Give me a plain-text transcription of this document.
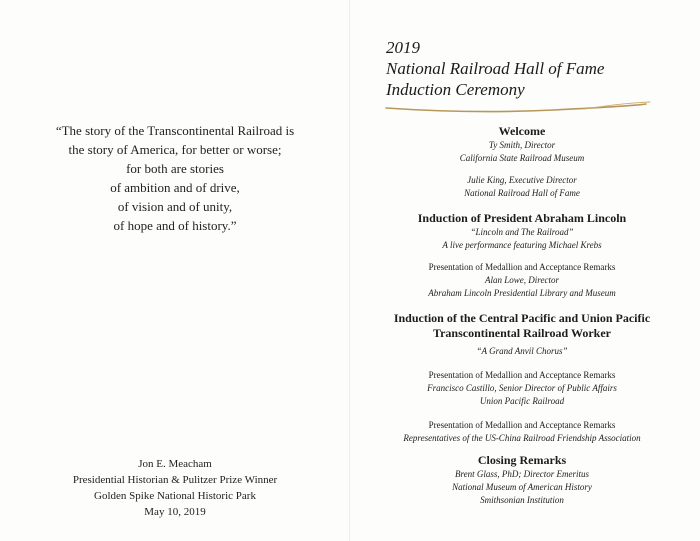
“The story of the Transcontinental Railroad is
the story of America, for better or worse;
for both are stories
of ambition and of drive,
of vision and of unity,
of hope and of history.”
Jon E. Meacham
Presidential Historian & Pulitzer Prize Winner
Golden Spike National Historic Park
May 10, 2019
2019
National Railroad Hall of Fame
Induction Ceremony
Welcome
Ty Smith, Director
California State Railroad Museum
Julie King, Executive Director
National Railroad Hall of Fame
Induction of President Abraham Lincoln
“Lincoln and The Railroad”
A live performance featuring Michael Krebs
Presentation of Medallion and Acceptance Remarks
Alan Lowe, Director
Abraham Lincoln Presidential Library and Museum
Induction of the Central Pacific and Union Pacific
Transcontinental Railroad Worker
“A Grand Anvil Chorus”
Presentation of Medallion and Acceptance Remarks
Francisco Castillo, Senior Director of Public Affairs
Union Pacific Railroad
Presentation of Medallion and Acceptance Remarks
Representatives of the US-China Railroad Friendship Association
Closing Remarks
Brent Glass, PhD; Director Emeritus
National Museum of American History
Smithsonian Institution
